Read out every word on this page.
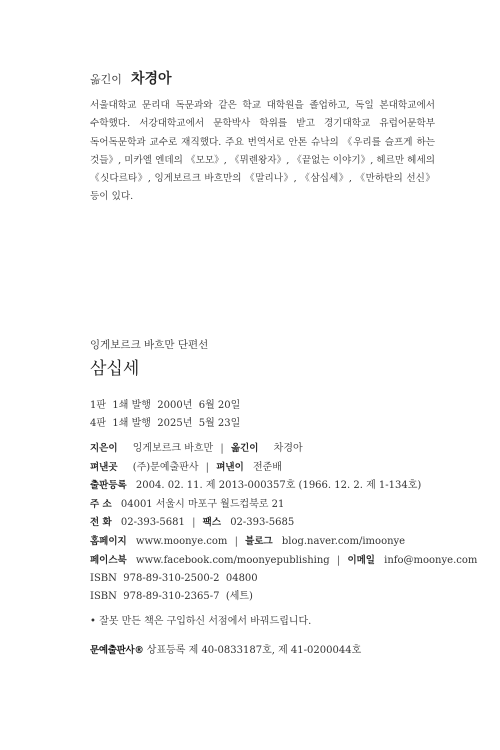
옮긴이 차경아
서울대학교 문리대 독문과와 같은 학교 대학원을 졸업하고, 독일 본대학교에서 수학했다. 서강대학교에서 문학박사 학위를 받고 경기대학교 유럽어문학부 독어독문학과 교수로 재직했다. 주요 번역서로 안톤 슈낙의 《우리를 슬프게 하는 것들》, 미카엘 엔데의 《모모》, 《뮈렌왕자》, 《끝없는 이야기》, 헤르만 헤세의 《싯다르타》, 잉게보르크 바흐만의 《말리나》, 《삼십세》, 《만하탄의 선신》 등이 있다.
잉게보르크 바흐만 단편선
삼십세
1판  1쇄 발행  2000년  6월 20일
4판  1쇄 발행  2025년  5월 23일
지은이 잉게보르크 바흐만 | 옮긴이 차경아
펴낸곳 (주)문예출판사 | 펴낸이 전준배
출판등록 2004. 02. 11. 제 2013-000357호 (1966. 12. 2. 제 1-134호)
주 소 04001 서울시 마포구 월드컵북로 21
전 화 02-393-5681 | 팩스 02-393-5685
홈페이지 www.moonye.com | 블로그 blog.naver.com/imoonye
페이스북 www.facebook.com/moonyepublishing | 이메일 info@moonye.com
ISBN  978-89-310-2500-2  04800
ISBN  978-89-310-2365-7  (세트)
• 잘못 만든 책은 구입하신 서점에서 바꿔드립니다.
문예출판사® 상표등록 제 40-0833187호, 제 41-0200044호
